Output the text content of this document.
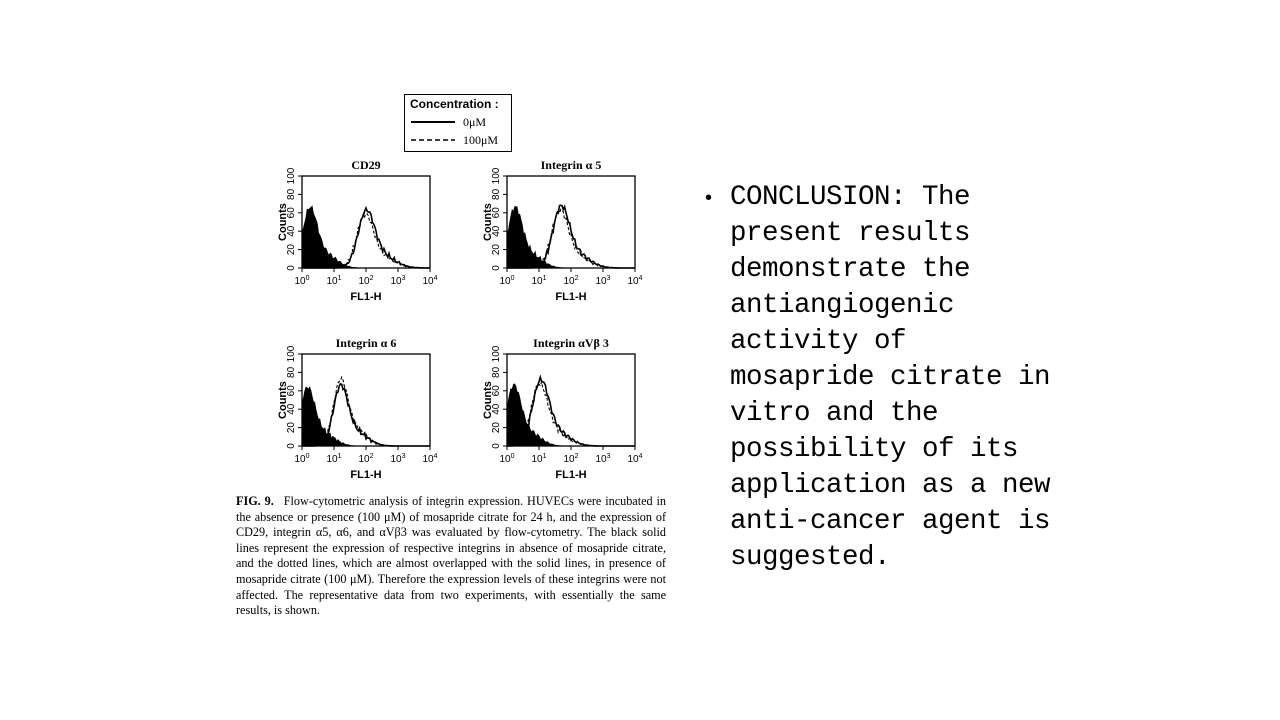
Concentration :
0μM
100μM
CD29
0
20
40
60
80
100
Counts
$10^0$ $10^1$ $10^2$ $10^3$ $10^4$
FL1-H
Integrin α 5
0
20
40
60
80
100
Counts
$10^0$ $10^1$ $10^2$ $10^3$ $10^4$
FL1-H
Integrin α 6
0
20
40
60
80
100
Counts
$10^0$ $10^1$ $10^2$ $10^3$ $10^4$
FL1-H
Integrin αVβ 3
0
20
40
60
80
100
Counts
$10^0$ $10^1$ $10^2$ $10^3$ $10^4$
FL1-H
FIG. 9. Flow-cytometric analysis of integrin expression. HUVECs were incubated in the absence or presence (100 μM) of mosapride citrate for 24 h, and the expression of CD29, integrin α5, α6, and αVβ3 was evaluated by flow-cytometry. The black solid lines represent the expression of respective integrins in absence of mosapride citrate, and the dotted lines, which are almost overlapped with the solid lines, in presence of mosapride citrate (100 μM). Therefore the expression levels of these integrins were not affected. The representative data from two experiments, with essentially the same results, is shown.
• CONCLUSION: The present results demonstrate the antiangiogenic activity of mosapride citrate in vitro and the possibility of its application as a new anti-cancer agent is suggested.
